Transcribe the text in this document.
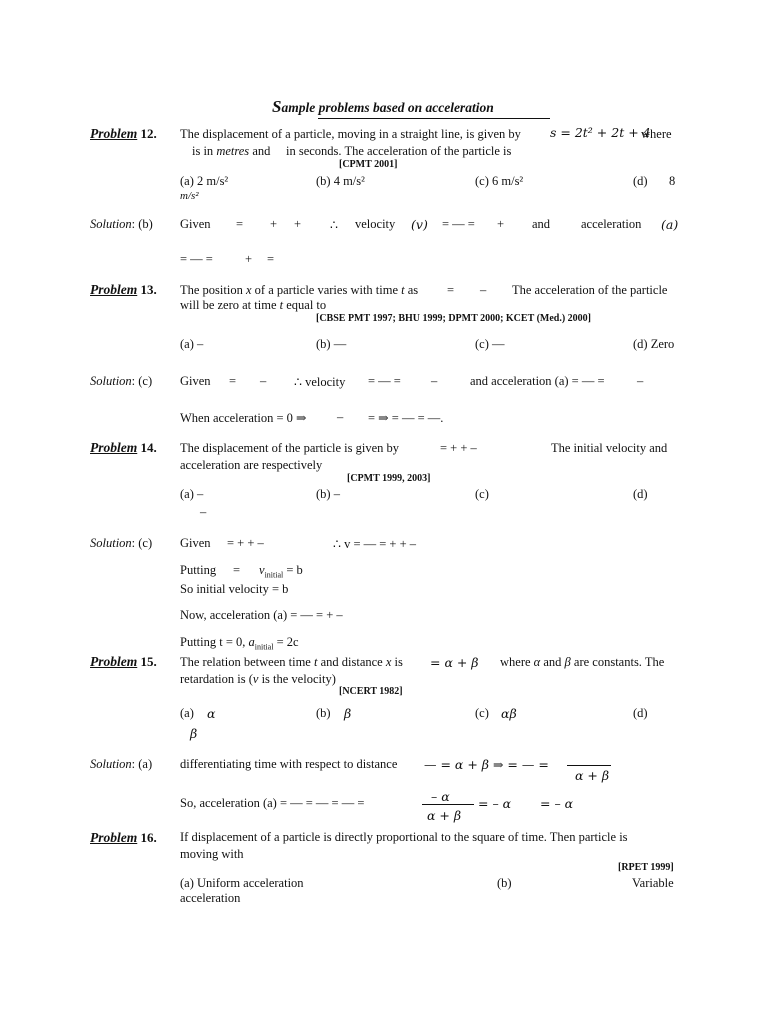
Sample problems based on acceleration
Problem 12. The displacement of a particle, moving in a straight line, is given by s = 2t² + 2t + 4
where
is in metres and in seconds. The acceleration of the particle is
[CPMT 2001]
(a) 2 m/s²	(b) 4 m/s²	(c) 6 m/s²	(d) 8
m/s²
Solution: (b) Given = + + ∴ velocity (v) = — = + and acceleration (a)
= — =	+ =
Problem 13. The position x of a particle varies with time t as = – The acceleration of the particle
will be zero at time t equal to
[CBSE PMT 1997; BHU 1999; DPMT 2000; KCET (Med.) 2000]
(a) –	(b) —	(c) —	(d) Zero
Solution: (c) Given = – ∴ velocity = — = –	and acceleration (a) = — =	–
When acceleration = 0 ⇒ – = ⇒ = — = —.
Problem 14. The displacement of the particle is given by	= + + –	The initial velocity and
acceleration are respectively
[CPMT 1999, 2003]
(a) –	(b) –	(c)	(d)
–
Solution: (c) Given = + + –	∴ v = — = + + –
Putting = $v_{initial} = b$
So initial velocity = b
Now, acceleration (a) = — = + –
Putting t = 0, $a_{initial} = 2c$
Problem 15. The relation between time t and distance x is = α + β where α and β are constants. The
retardation is (v is the velocity)
[NCERT 1982]
(a) α	(b) β	(c) αβ	(d)
β
Solution: (a) differentiating time with respect to distance — = α + β ⇒ = — =
α + β
So, acceleration (a) = — = — = — =	– α
α + β
= – α = – α
Problem 16. If displacement of a particle is directly proportional to the square of time. Then particle is
moving with
[RPET 1999]
(a) Uniform acceleration	(b)	Variable
acceleration
